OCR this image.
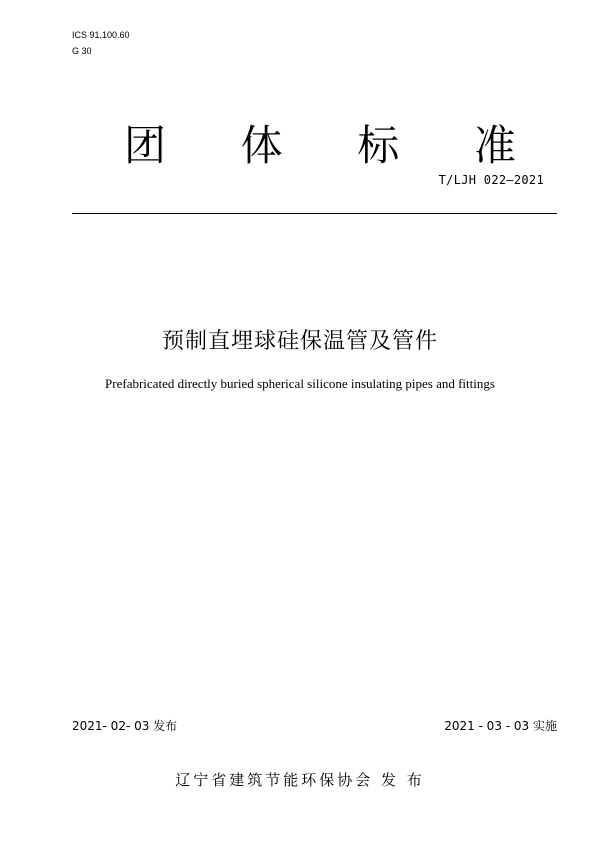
ICS 91.100.60
G 30
团 体 标 准
T/LJH 022—2021
预制直埋球硅保温管及管件
Prefabricated directly buried spherical silicone insulating pipes and fittings
2021- 02- 03 发布	2021 - 03 - 03 实施
辽宁省建筑节能环保协会 发 布
